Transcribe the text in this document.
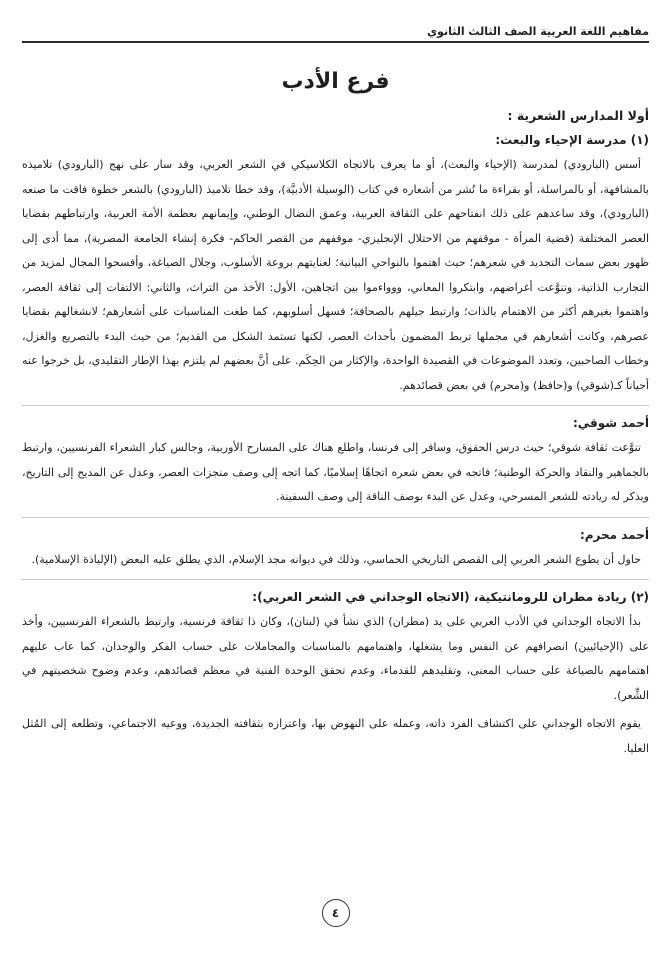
مفاهيم اللغة العربية الصف الثالث الثانوي
فرع الأدب
أولا المدارس الشعرية :
(١) مدرسة الإحياء والبعث:

أسس (البارودي) لمدرسة (الإحياء والبعث)، أو ما يعرف بالاتجاه الكلاسيكي في الشعر العربي، وقد سار على نهج (البارودي) تلاميذه بالمشافهة، أو بالمراسلة، أو بقراءة ما نُشر من أشعاره في كتاب (الوسيلة الأدبيَّة)، وقد خطا تلاميذ (البارودي) بالشعر خطوة فاقت ما صنعه (البارودي)، وقد ساعدهم على ذلك انفتاحهم على الثقافة العربية، وعمق النضال الوطني، وإيمانهم بعظمة الأمة العربية، وارتباطهم بقضايا العصر المختلفة (قضية المرأة - موقفهم من الاحتلال الإنجليزي- موقفهم من القصر الحاكم- فكرة إنشاء الجامعة المصرية)، مما أدى إلى ظهور بعض سمات التجديد في شعرهم؛ حيث اهتموا بالنواحي البيانية؛ لعنايتهم بروعة الأسلوب، وجلال الصياغة، وأفسحوا المجال لمزيد من التجارب الذاتية، وتنوَّعت أغراضهم، وابتكروا المعاني، ووواءموا بين اتجاهين، الأول: الأخذ من التراث، والثاني: الالتفات إلى ثقافة العصر، واهتموا بغيرهم أكثر من الاهتمام بالذات؛ وارتبط جيلهم بالصحافة؛ فسهل أسلوبهم، كما طغت المناسبات على أشعارهم؛ لانشغالهم بقضايا عصرهم، وكانت أشعارهم في مجملها تربط المضمون بأحداث العصر، لكنها تستمد الشكل من القديم؛ من حيث البدء بالتصريع والغزل، وخطاب الصاحبين، وتعدد الموضوعات في القصيدة الواحدة، والإكثار من الحِكَم. على أنَّ بعضهم لم يلتزم بهذا الإطار التقليدي، بل خرجوا عنه أحياناً كـ(شوقي) و(حافظ) و(محرم) في بعض قصائدهم.

أحمد شوقي:

تنوَّعت ثقافة شوقي؛ حيث درس الحقوق، وسافر إلى فرنسا، واطلع هناك على المسارح الأوربية، وجالس كبار الشعراء الفرنسيين، وارتبط بالجماهير والنقاد والحركة الوطنية؛ فاتجه في بعض شعره اتجاهًا إسلاميًا، كما اتجه إلى وصف منجزات العصر، وعدل عن المديح إلى التاريخ، ويذكر له ريادته للشعر المسرحي، وعدل عن البدء بوصف الناقة إلى وصف السفينة.

أحمد محرم:

حاول أن يطوع الشعر العربي إلى القصص التاريخي الحماسي، وذلك في ديوانه مجد الإسلام، الذي يطلق عليه البعض (الإلياذة الإسلامية).

(٢) ريادة مطران للرومانتيكية، (الاتجاه الوجداني في الشعر العربي):

بدأ الاتجاه الوجداني في الأدب العربي على يد (مطران) الذي نشأ في (لبنان)، وكان ذا ثقافة فرنسية، وارتبط بالشعراء الفرنسيين، وأخذ على (الإحيائيين) انصرافهم عن النفس وما يشغلها، واهتمامهم بالمناسبات والمجاملات على حساب الفكر والوجدان، كما عاب عليهم اهتمامهم بالصياغة على حساب المعنى، وتقليدهم للقدماء، وعدم تحقق الوحدة الفنية في معظم قصائدهم، وعدم وضوح شخصيتهم في الشِّعر).

يقوم الاتجاه الوجداني على اكتشاف الفرد ذاته، وعمله على النهوض بها، واعتزازه بثقافته الجديدة، ووعيه الاجتماعي، وتطلعه إلى المُثل العليا.

٤
